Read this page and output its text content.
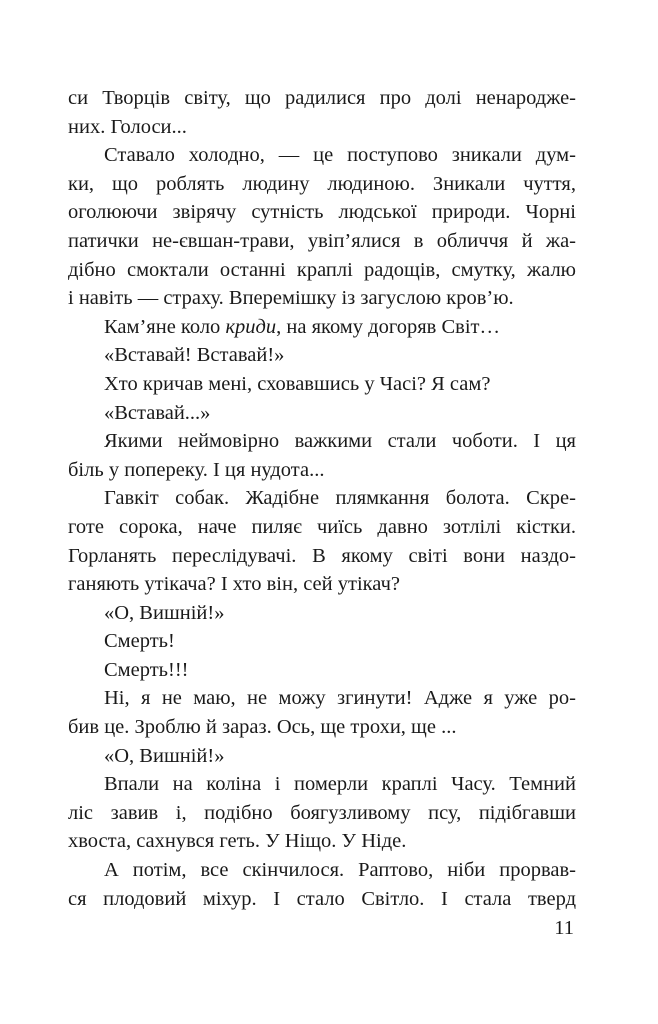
си Творців світу, що радилися про долі ненародже-
них. Голоси...
Ставало холодно, — це поступово зникали дум-
ки, що роблять людину людиною. Зникали чуття,
оголюючи звірячу сутність людської природи. Чорні
патички не-євшан-трави, увіп’ялися в обличчя й жа-
дібно смоктали останні краплі радощів, смутку, жалю
і навіть — страху. Вперемішку із загуслою кров’ю.
Кам’яне коло криди, на якому догоряв Світ…
«Вставай! Вставай!»
Хто кричав мені, сховавшись у Часі? Я сам?
«Вставай...»
Якими неймовірно важкими стали чоботи. І ця
біль у попереку. І ця нудота...
Гавкіт собак. Жадібне плямкання болота. Скре-
готе сорока, наче пиляє чиїсь давно зотлілі кістки.
Горланять переслідувачі. В якому світі вони наздо-
ганяють утікача? І хто він, сей утікач?
«О, Вишній!»
Смерть!
Смерть!!!
Ні, я не маю, не можу згинути! Адже я уже ро-
бив це. Зроблю й зараз. Ось, ще трохи, ще ...
«О, Вишній!»
Впали на коліна і померли краплі Часу. Темний
ліс завив і, подібно боягузливому псу, підібгавши
хвоста, сахнувся геть. У Ніщо. У Ніде.
А потім, все скінчилося. Раптово, ніби прорвав-
ся плодовий міхур. І стало Світло. І стала тверд
11
